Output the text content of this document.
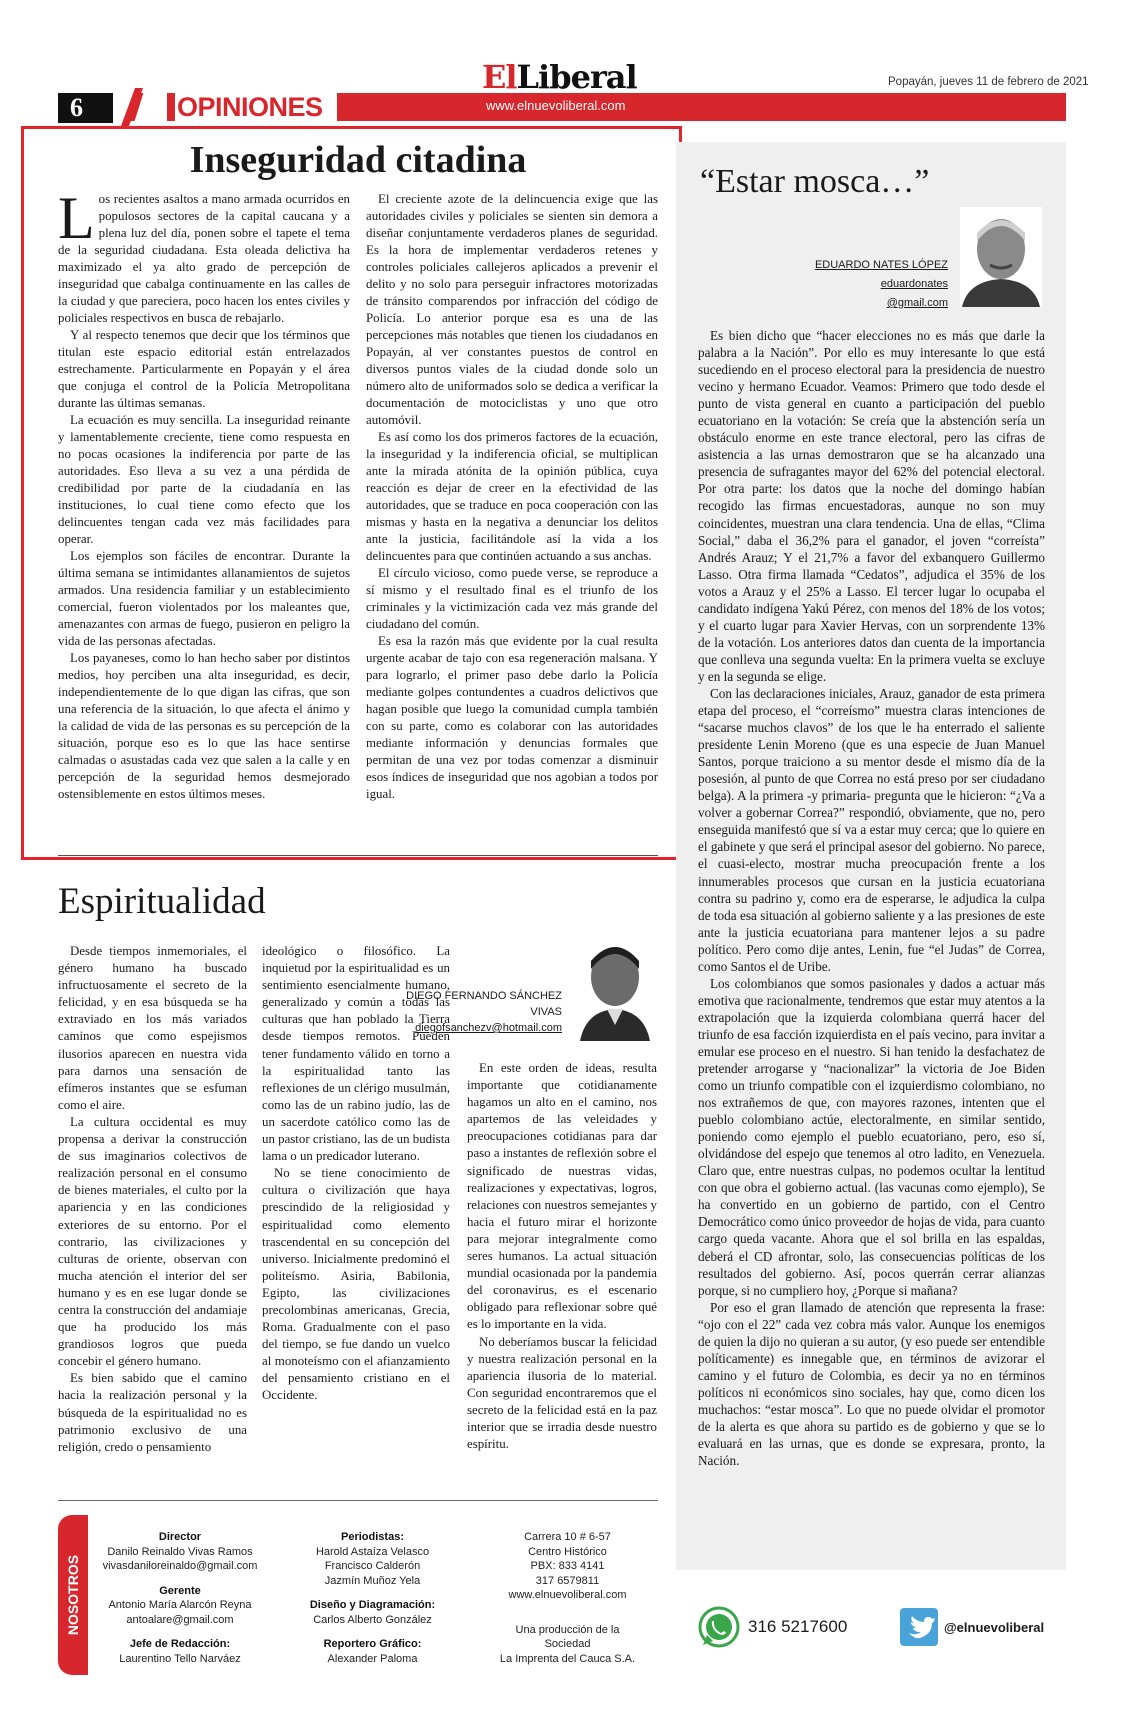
6	OPINIONES
ElLiberal
www.elnuevoliberal.com
Popayán, jueves 11 de febrero de 2021
Inseguridad citadina

Los recientes asaltos a mano armada ocurridos en populosos sectores de la capital caucana y a plena luz del día, ponen sobre el tapete el tema de la seguridad ciudadana. Esta oleada delictiva ha maximizado el ya alto grado de percepción de inseguridad que cabalga continuamente en las calles de la ciudad y que pareciera, poco hacen los entes civiles y policiales respectivos en busca de rebajarlo.

Y al respecto tenemos que decir que los términos que titulan este espacio editorial están entrelazados estrechamente. Particularmente en Popayán y el área que conjuga el control de la Policía Metropolitana durante las últimas semanas.

La ecuación es muy sencilla. La inseguridad reinante y lamentablemente creciente, tiene como respuesta en no pocas ocasiones la indiferencia por parte de las autoridades. Eso lleva a su vez a una pérdida de credibilidad por parte de la ciudadanía en las instituciones, lo cual tiene como efecto que los delincuentes tengan cada vez más facilidades para operar.

Los ejemplos son fáciles de encontrar. Durante la última semana se intimidantes allanamientos de sujetos armados. Una residencia familiar y un establecimiento comercial, fueron violentados por los maleantes que, amenazantes con armas de fuego, pusieron en peligro la vida de las personas afectadas.

Los payaneses, como lo han hecho saber por distintos medios, hoy perciben una alta inseguridad, es decir, independientemente de lo que digan las cifras, que son una referencia de la situación, lo que afecta el ánimo y la calidad de vida de las personas es su percepción de la situación, porque eso es lo que las hace sentirse calmadas o asustadas cada vez que salen a la calle y en percepción de la seguridad hemos desmejorado ostensiblemente en estos últimos meses.

El creciente azote de la delincuencia exige que las autoridades civiles y policiales se sienten sin demora a diseñar conjuntamente verdaderos planes de seguridad. Es la hora de implementar verdaderos retenes y controles policiales callejeros aplicados a prevenir el delito y no solo para perseguir infractores motorizadas de tránsito comparendos por infracción del código de Policía. Lo anterior porque esa es una de las percepciones más notables que tienen los ciudadanos en Popayán, al ver constantes puestos de control en diversos puntos viales de la ciudad donde solo un número alto de uniformados solo se dedica a verificar la documentación de motociclistas y uno que otro automóvil.

Es así como los dos primeros factores de la ecuación, la inseguridad y la indiferencia oficial, se multiplican ante la mirada atónita de la opinión pública, cuya reacción es dejar de creer en la efectividad de las autoridades, que se traduce en poca cooperación con las mismas y hasta en la negativa a denunciar los delitos ante la justicia, facilitándole así la vida a los delincuentes para que continúen actuando a sus anchas.

El círculo vicioso, como puede verse, se reproduce a sí mismo y el resultado final es el triunfo de los criminales y la victimización cada vez más grande del ciudadano del común.

Es esa la razón más que evidente por la cual resulta urgente acabar de tajo con esa regeneración malsana. Y para lograrlo, el primer paso debe darlo la Policía mediante golpes contundentes a cuadros delictivos que hagan posible que luego la comunidad cumpla también con su parte, como es colaborar con las autoridades mediante información y denuncias formales que permitan de una vez por todas comenzar a disminuir esos índices de inseguridad que nos agobian a todos por igual.

Espiritualidad
DIEGO FERNANDO SÁNCHEZ VIVAS
diegofsanchezv@hotmail.com

Desde tiempos inmemoriales, el género humano ha buscado infructuosamente el secreto de la felicidad, y en esa búsqueda se ha extraviado en los más variados caminos que como espejismos ilusorios aparecen en nuestra vida para darnos una sensación de efímeros instantes que se esfuman como el aire.

La cultura occidental es muy propensa a derivar la construcción de sus imaginarios colectivos de realización personal en el consumo de bienes materiales, el culto por la apariencia y en las condiciones exteriores de su entorno. Por el contrario, las civilizaciones y culturas de oriente, observan con mucha atención el interior del ser humano y es en ese lugar donde se centra la construcción del andamiaje que ha producido los más grandiosos logros que pueda concebir el género humano.

Es bien sabido que el camino hacia la realización personal y la búsqueda de la espiritualidad no es patrimonio exclusivo de una religión, credo o pensamiento

ideológico o filosófico. La inquietud por la espiritualidad es un sentimiento esencialmente humano, generalizado y común a todas las culturas que han poblado la Tierra desde tiempos remotos. Pueden tener fundamento válido en torno a la espiritualidad tanto las reflexiones de un clérigo musulmán, como las de un rabino judío, las de un sacerdote católico como las de un pastor cristiano, las de un budista lama o un predicador luterano.

No se tiene conocimiento de cultura o civilización que haya prescindido de la religiosidad y espiritualidad como elemento trascendental en su concepción del universo. Inicialmente predominó el politeísmo. Asiria, Babilonia, Egipto, las civilizaciones precolombinas americanas, Grecia, Roma. Gradualmente con el paso del tiempo, se fue dando un vuelco al monoteísmo con el afianzamiento del pensamiento cristiano en el Occidente.

En este orden de ideas, resulta importante que cotidianamente hagamos un alto en el camino, nos apartemos de las veleidades y preocupaciones cotidianas para dar paso a instantes de reflexión sobre el significado de nuestras vidas, realizaciones y expectativas, logros, relaciones con nuestros semejantes y hacia el futuro mirar el horizonte para mejorar integralmente como seres humanos. La actual situación mundial ocasionada por la pandemia del coronavirus, es el escenario obligado para reflexionar sobre qué es lo importante en la vida.

No deberíamos buscar la felicidad y nuestra realización personal en la apariencia ilusoria de lo material. Con seguridad encontraremos que el secreto de la felicidad está en la paz interior que se irradia desde nuestro espíritu.

“Estar mosca…”
EDUARDO NATES LÓPEZ
eduardonates
@gmail.com

Es bien dicho que “hacer elecciones no es más que darle la palabra a la Nación”. Por ello es muy interesante lo que está sucediendo en el proceso electoral para la presidencia de nuestro vecino y hermano Ecuador. Veamos: Primero que todo desde el punto de vista general en cuanto a participación del pueblo ecuatoriano en la votación: Se creía que la abstención sería un obstáculo enorme en este trance electoral, pero las cifras de asistencia a las urnas demostraron que se ha alcanzado una presencia de sufragantes mayor del 62% del potencial electoral. Por otra parte: los datos que la noche del domingo habían recogido las firmas encuestadoras, aunque no son muy coincidentes, muestran una clara tendencia. Una de ellas, “Clima Social,” daba el 36,2% para el ganador, el joven “correísta” Andrés Arauz; Y el 21,7% a favor del exbanquero Guillermo Lasso. Otra firma llamada “Cedatos”, adjudica el 35% de los votos a Arauz y el 25% a Lasso. El tercer lugar lo ocupaba el candidato indígena Yakú Pérez, con menos del 18% de los votos; y el cuarto lugar para Xavier Hervas, con un sorprendente 13% de la votación. Los anteriores datos dan cuenta de la importancia que conlleva una segunda vuelta: En la primera vuelta se excluye y en la segunda se elige.

Con las declaraciones iniciales, Arauz, ganador de esta primera etapa del proceso, el “correísmo” muestra claras intenciones de “sacarse muchos clavos” de los que le ha enterrado el saliente presidente Lenin Moreno (que es una especie de Juan Manuel Santos, porque traiciono a su mentor desde el mismo día de la posesión, al punto de que Correa no está preso por ser ciudadano belga). A la primera -y primaria- pregunta que le hicieron: “¿Va a volver a gobernar Correa?” respondió, obviamente, que no, pero enseguida manifestó que sí va a estar muy cerca; que lo quiere en el gabinete y que será el principal asesor del gobierno. No parece, el cuasi-electo, mostrar mucha preocupación frente a los innumerables procesos que cursan en la justicia ecuatoriana contra su padrino y, como era de esperarse, le adjudica la culpa de toda esa situación al gobierno saliente y a las presiones de este ante la justicia ecuatoriana para mantener lejos a su padre político. Pero como dije antes, Lenin, fue “el Judas” de Correa, como Santos el de Uribe.

Los colombianos que somos pasionales y dados a actuar más emotiva que racionalmente, tendremos que estar muy atentos a la extrapolación que la izquierda colombiana querrá hacer del triunfo de esa facción izquierdista en el país vecino, para invitar a emular ese proceso en el nuestro. Si han tenido la desfachatez de pretender arrogarse y “nacionalizar” la victoria de Joe Biden como un triunfo compatible con el izquierdismo colombiano, no nos extrañemos de que, con mayores razones, intenten que el pueblo colombiano actúe, electoralmente, en similar sentido, poniendo como ejemplo el pueblo ecuatoriano, pero, eso sí, olvidándose del espejo que tenemos al otro ladito, en Venezuela. Claro que, entre nuestras culpas, no podemos ocultar la lentitud con que obra el gobierno actual. (las vacunas como ejemplo), Se ha convertido en un gobierno de partido, con el Centro Democrático como único proveedor de hojas de vida, para cuanto cargo queda vacante. Ahora que el sol brilla en las espaldas, deberá el CD afrontar, solo, las consecuencias políticas de los resultados del gobierno. Así, pocos querrán cerrar alianzas porque, si no cumpliero hoy, ¿Porque si mañana?

Por eso el gran llamado de atención que representa la frase: “ojo con el 22” cada vez cobra más valor. Aunque los enemigos de quien la dijo no quieran a su autor, (y eso puede ser entendible políticamente) es innegable que, en términos de avizorar el camino y el futuro de Colombia, es decir ya no en términos políticos ni económicos sino sociales, hay que, como dicen los muchachos: “estar mosca”. Lo que no puede olvidar el promotor de la alerta es que ahora su partido es de gobierno y que se lo evaluará en las urnas, que es donde se expresara, pronto, la Nación.

NOSOTROS
Director
Danilo Reinaldo Vivas Ramos
vivasdaniloreinaldo@gmail.com
Gerente
Antonio María Alarcón Reyna
antoalare@gmail.com
Jefe de Redacción:
Laurentino Tello Narváez
Periodistas:
Harold Astaíza Velasco
Francisco Calderón
Jazmín Muñoz Yela
Diseño y Diagramación:
Carlos Alberto González
Reportero Gráfico:
Alexander Paloma
Carrera 10 # 6-57
Centro Histórico
PBX: 833 4141
317 6579811
www.elnuevoliberal.com
Una producción de la Sociedad
La Imprenta del Cauca S.A.
316 5217600	@elnuevoliberal
